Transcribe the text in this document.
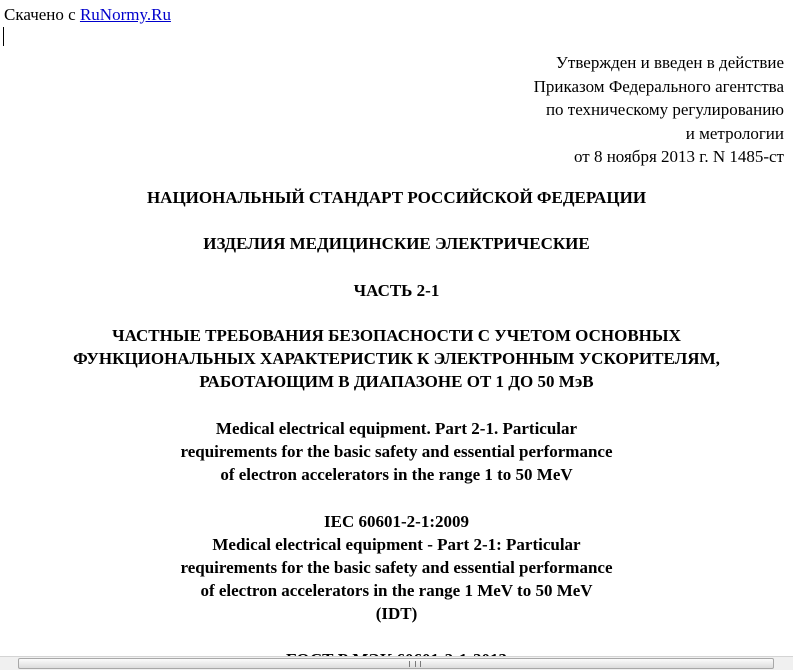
Скачено с RuNormy.Ru
Утвержден и введен в действие
Приказом Федерального агентства
по техническому регулированию
и метрологии
от 8 ноября 2013 г. N 1485-ст
НАЦИОНАЛЬНЫЙ СТАНДАРТ РОССИЙСКОЙ ФЕДЕРАЦИИ
ИЗДЕЛИЯ МЕДИЦИНСКИЕ ЭЛЕКТРИЧЕСКИЕ
ЧАСТЬ 2-1
ЧАСТНЫЕ ТРЕБОВАНИЯ БЕЗОПАСНОСТИ С УЧЕТОМ ОСНОВНЫХ
ФУНКЦИОНАЛЬНЫХ ХАРАКТЕРИСТИК К ЭЛЕКТРОННЫМ УСКОРИТЕЛЯМ,
РАБОТАЮЩИМ В ДИАПАЗОНЕ ОТ 1 ДО 50 МэВ
Medical electrical equipment. Part 2-1. Particular
requirements for the basic safety and essential performance
of electron accelerators in the range 1 to 50 MeV
IEC 60601-2-1:2009
Medical electrical equipment - Part 2-1: Particular
requirements for the basic safety and essential performance
of electron accelerators in the range 1 MeV to 50 MeV
(IDT)
